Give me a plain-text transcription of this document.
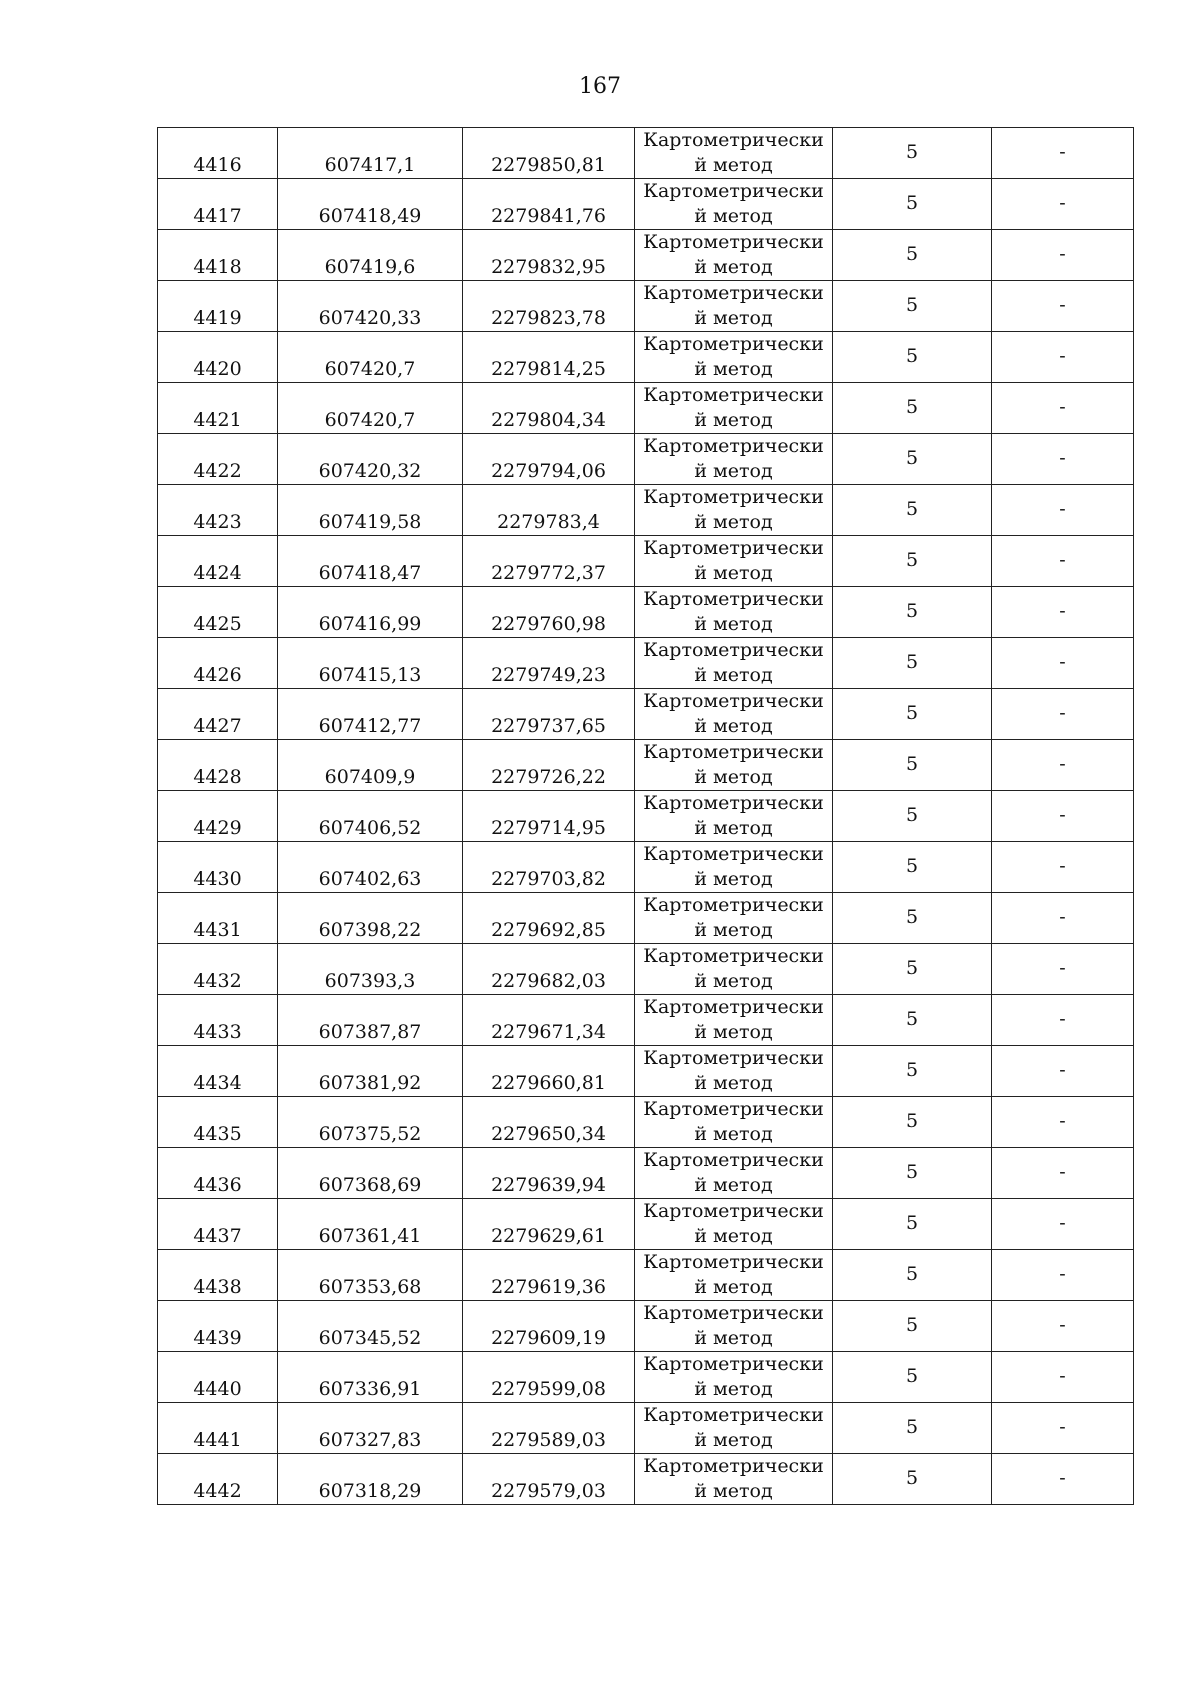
167
4416	607417,1	2279850,81	Картометрически й метод	5	-
4417	607418,49	2279841,76	Картометрически й метод	5	-
4418	607419,6	2279832,95	Картометрически й метод	5	-
4419	607420,33	2279823,78	Картометрически й метод	5	-
4420	607420,7	2279814,25	Картометрически й метод	5	-
4421	607420,7	2279804,34	Картометрически й метод	5	-
4422	607420,32	2279794,06	Картометрически й метод	5	-
4423	607419,58	2279783,4	Картометрически й метод	5	-
4424	607418,47	2279772,37	Картометрически й метод	5	-
4425	607416,99	2279760,98	Картометрически й метод	5	-
4426	607415,13	2279749,23	Картометрически й метод	5	-
4427	607412,77	2279737,65	Картометрически й метод	5	-
4428	607409,9	2279726,22	Картометрически й метод	5	-
4429	607406,52	2279714,95	Картометрически й метод	5	-
4430	607402,63	2279703,82	Картометрически й метод	5	-
4431	607398,22	2279692,85	Картометрически й метод	5	-
4432	607393,3	2279682,03	Картометрически й метод	5	-
4433	607387,87	2279671,34	Картометрически й метод	5	-
4434	607381,92	2279660,81	Картометрически й метод	5	-
4435	607375,52	2279650,34	Картометрически й метод	5	-
4436	607368,69	2279639,94	Картометрически й метод	5	-
4437	607361,41	2279629,61	Картометрически й метод	5	-
4438	607353,68	2279619,36	Картометрически й метод	5	-
4439	607345,52	2279609,19	Картометрически й метод	5	-
4440	607336,91	2279599,08	Картометрически й метод	5	-
4441	607327,83	2279589,03	Картометрически й метод	5	-
4442	607318,29	2279579,03	Картометрически й метод	5	-
